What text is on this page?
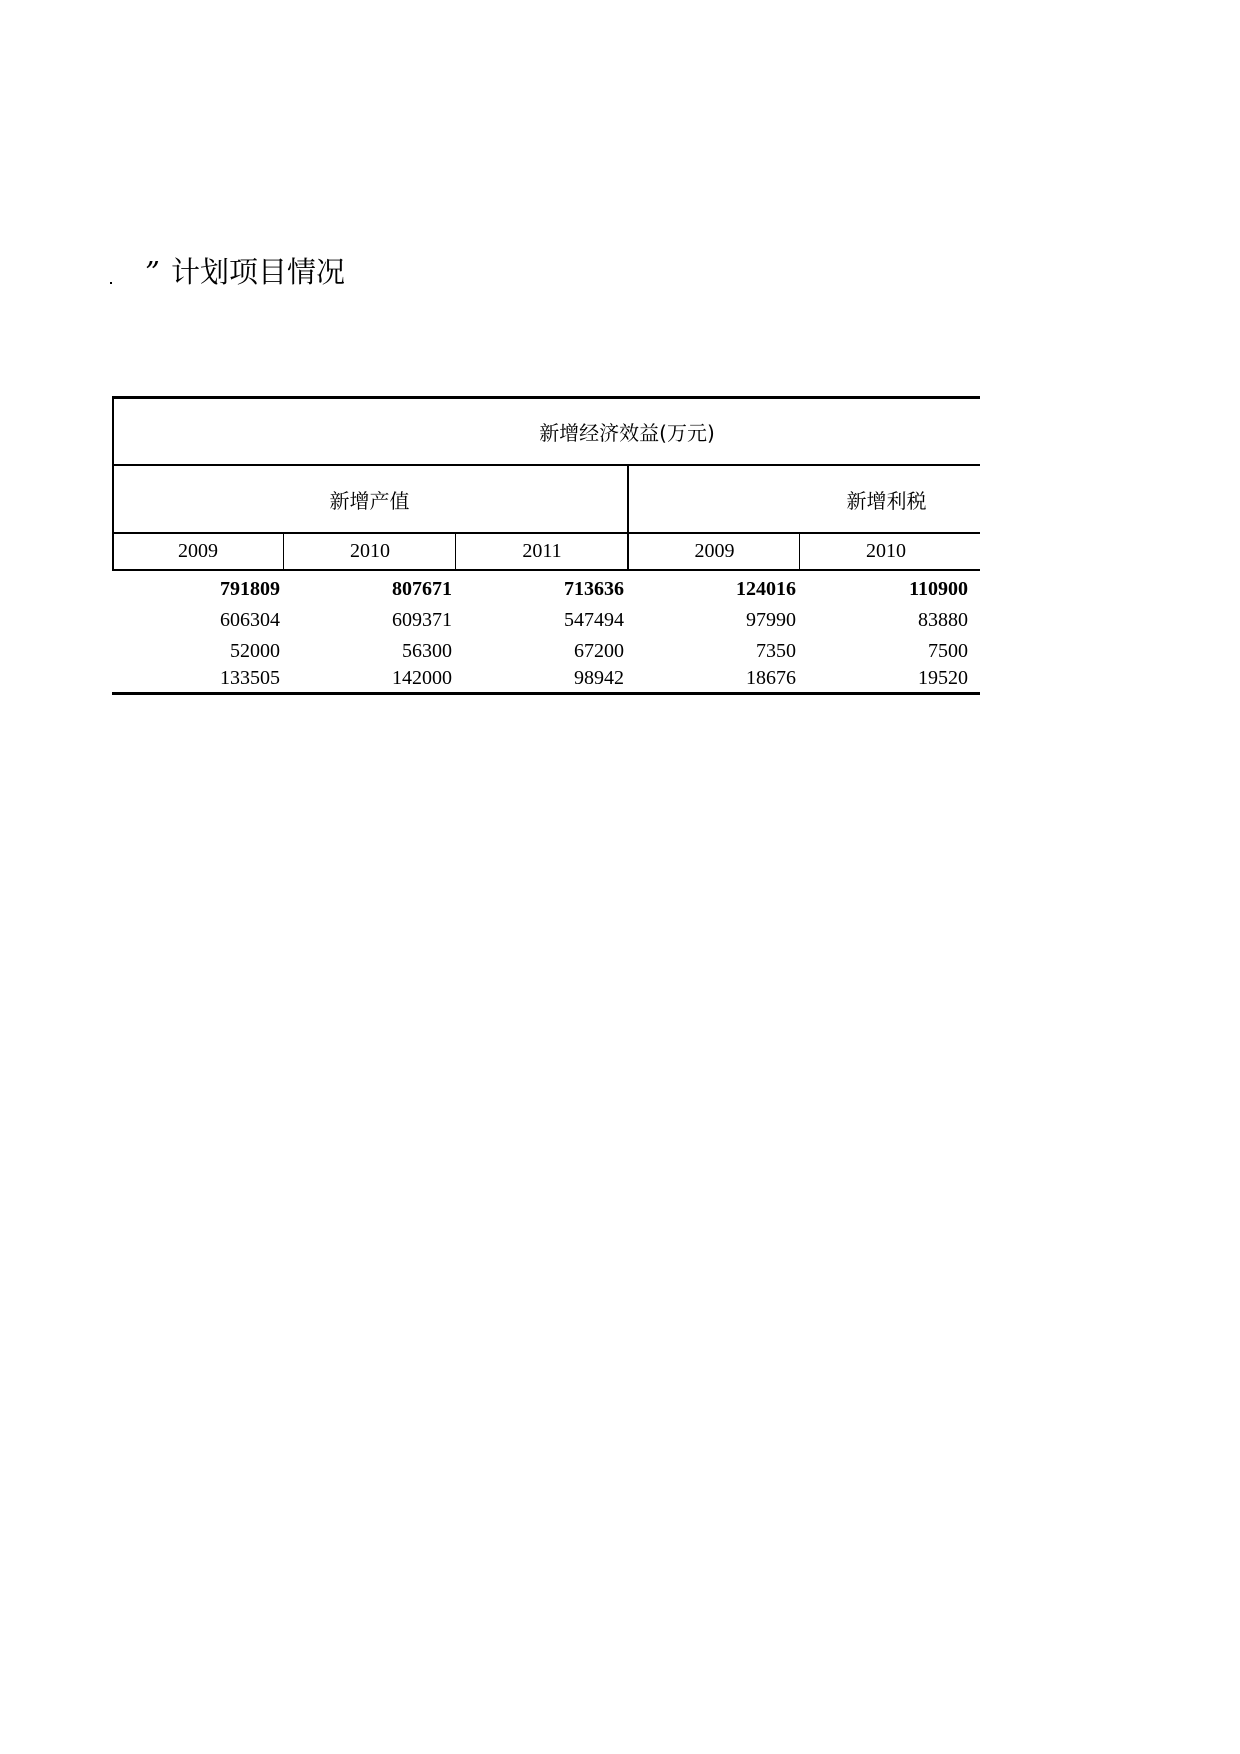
” 计划项目情况
新增经济效益(万元)
新增产值	新增利税
2009	2010	2011	2009	2010
791809	807671	713636	124016	110900
606304	609371	547494	97990	83880
52000	56300	67200	7350	7500
133505	142000	98942	18676	19520
